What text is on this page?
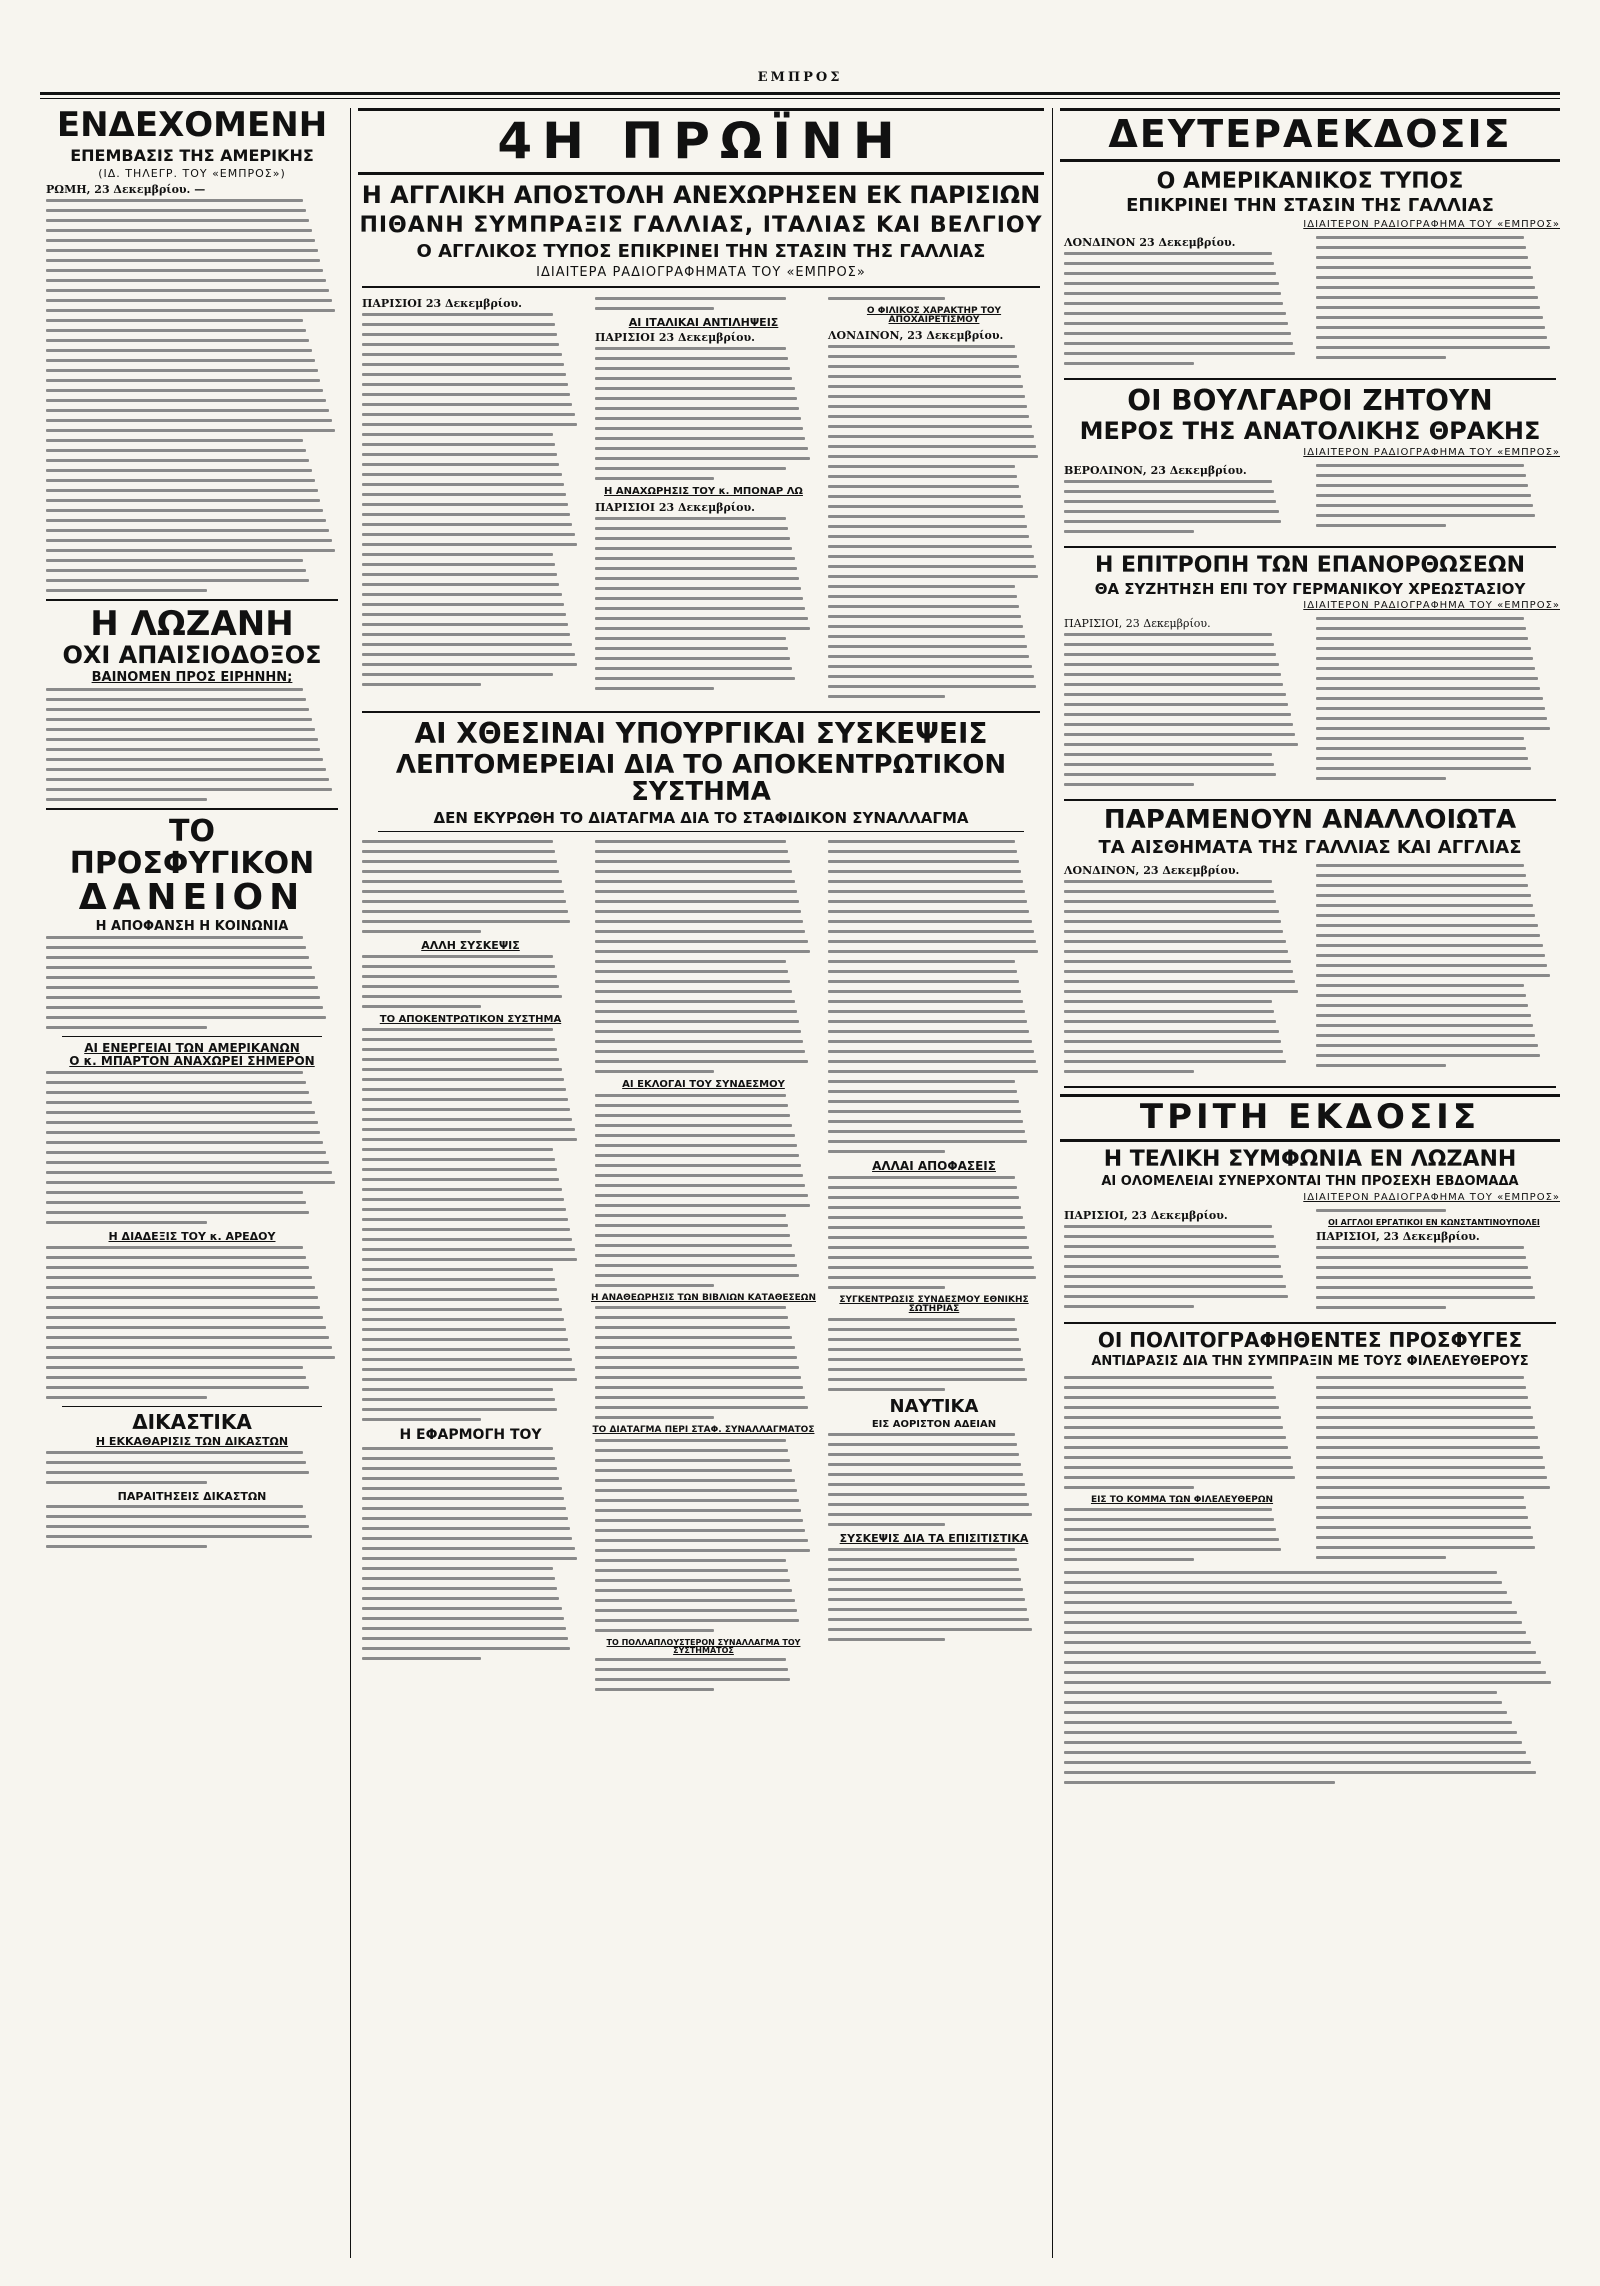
ΕΜΠΡΟΣ
ΕΝΔΕΧΟΜΕΝΗ
ΕΠΕΜΒΑΣΙΣ ΤΗΣ ΑΜΕΡΙΚΗΣ
(ΙΔ. ΤΗΛΕΓΡ. ΤΟΥ «ΕΜΠΡΟΣ»)
ΡΩΜΗ, 23 Δεκεμβρίου. —
Η ΛΩΖΑΝΗ
ΟΧΙ ΑΠΑΙΣΙΟΔΟΞΟΣ
ΒΑΙΝΟΜΕΝ ΠΡΟΣ ΕΙΡΗΝΗΝ;
ΤΟ ΠΡΟΣΦΥΓΙΚΟΝ
ΔΑΝΕΙΟΝ
Η ΑΠΟΦΑΝΣΗ Η ΚΟΙΝΩΝΙΑ
ΑΙ ΕΝΕΡΓΕΙΑΙ ΤΩΝ ΑΜΕΡΙΚΑΝΩΝ
Ο κ. ΜΠΑΡΤΟΝ ΑΝΑΧΩΡΕΙ ΣΗΜΕΡΟΝ
Η ΔΙΑΔΕΞΙΣ ΤΟΥ κ. ΑΡΕΔΟΥ
ΔΙΚΑΣΤΙΚΑ
Η ΕΚΚΑΘΑΡΙΣΙΣ ΤΩΝ ΔΙΚΑΣΤΩΝ
ΠΑΡΑΙΤΗΣΕΙΣ ΔΙΚΑΣΤΩΝ
4Η ΠΡΩΪΝΗ
Η ΑΓΓΛΙΚΗ ΑΠΟΣΤΟΛΗ ΑΝΕΧΩΡΗΣΕΝ ΕΚ ΠΑΡΙΣΙΩΝ
ΠΙΘΑΝΗ ΣΥΜΠΡΑΞΙΣ ΓΑΛΛΙΑΣ, ΙΤΑΛΙΑΣ ΚΑΙ ΒΕΛΓΙΟΥ
Ο ΑΓΓΛΙΚΟΣ ΤΥΠΟΣ ΕΠΙΚΡΙΝΕΙ ΤΗΝ ΣΤΑΣΙΝ ΤΗΣ ΓΑΛΛΙΑΣ
ΙΔΙΑΙΤΕΡΑ ΡΑΔΙΟΓΡΑΦΗΜΑΤΑ ΤΟΥ «ΕΜΠΡΟΣ»
ΠΑΡΙΣΙΟΙ 23 Δεκεμβρίου.
ΑΙ ΙΤΑΛΙΚΑΙ ΑΝΤΙΛΗΨΕΙΣ
ΠΑΡΙΣΙΟΙ 23 Δεκεμβρίου.
Η ΑΝΑΧΩΡΗΣΙΣ ΤΟΥ κ. ΜΠΟΝΑΡ ΛΩ
ΠΑΡΙΣΙΟΙ 23 Δεκεμβρίου.
Ο ΦΙΛΙΚΟΣ ΧΑΡΑΚΤΗΡ ΤΟΥ ΑΠΟΧΑΙΡΕΤΙΣΜΟΥ
ΛΟΝΔΙΝΟΝ, 23 Δεκεμβρίου.
ΑΙ ΧΘΕΣΙΝΑΙ ΥΠΟΥΡΓΙΚΑΙ ΣΥΣΚΕΨΕΙΣ
ΛΕΠΤΟΜΕΡΕΙΑΙ ΔΙΑ ΤΟ ΑΠΟΚΕΝΤΡΩΤΙΚΟΝ ΣΥΣΤΗΜΑ
ΔΕΝ ΕΚΥΡΩΘΗ ΤΟ ΔΙΑΤΑΓΜΑ ΔΙΑ ΤΟ ΣΤΑΦΙΔΙΚΟΝ ΣΥΝΑΛΛΑΓΜΑ
ΑΛΛΗ ΣΥΣΚΕΨΙΣ
ΤΟ ΑΠΟΚΕΝΤΡΩΤΙΚΟΝ ΣΥΣΤΗΜΑ
Η ΕΦΑΡΜΟΓΗ ΤΟΥ
ΑΙ ΕΚΛΟΓΑΙ ΤΟΥ ΣΥΝΔΕΣΜΟΥ
Η ΑΝΑΘΕΩΡΗΣΙΣ ΤΩΝ ΒΙΒΛΙΩΝ ΚΑΤΑΘΕΣΕΩΝ
ΤΟ ΔΙΑΤΑΓΜΑ ΠΕΡΙ ΣΤΑΦ. ΣΥΝΑΛΛΑΓΜΑΤΟΣ
ΤΟ ΠΟΛΛΑΠΛΟΥΣΤΕΡΟΝ ΣΥΝΑΛΛΑΓΜΑ ΤΟΥ ΣΥΣΤΗΜΑΤΟΣ
ΑΛΛΑΙ ΑΠΟΦΑΣΕΙΣ
ΣΥΓΚΕΝΤΡΩΣΙΣ ΣΥΝΔΕΣΜΟΥ ΕΘΝΙΚΗΣ ΣΩΤΗΡΙΑΣ
ΝΑΥΤΙΚΑ
ΕΙΣ ΑΟΡΙΣΤΟΝ ΑΔΕΙΑΝ
ΣΥΣΚΕΨΙΣ ΔΙΑ ΤΑ ΕΠΙΣΙΤΙΣΤΙΚΑ
ΔΕΥΤΕΡΑΕΚΔΟΣΙΣ
Ο ΑΜΕΡΙΚΑΝΙΚΟΣ ΤΥΠΟΣ
ΕΠΙΚΡΙΝΕΙ ΤΗΝ ΣΤΑΣΙΝ ΤΗΣ ΓΑΛΛΙΑΣ
ΙΔΙΑΙΤΕΡΟΝ ΡΑΔΙΟΓΡΑΦΗΜΑ ΤΟΥ «ΕΜΠΡΟΣ»
ΛΟΝΔΙΝΟΝ 23 Δεκεμβρίου.
ΟΙ ΒΟΥΛΓΑΡΟΙ ΖΗΤΟΥΝ
ΜΕΡΟΣ ΤΗΣ ΑΝΑΤΟΛΙΚΗΣ ΘΡΑΚΗΣ
ΙΔΙΑΙΤΕΡΟΝ ΡΑΔΙΟΓΡΑΦΗΜΑ ΤΟΥ «ΕΜΠΡΟΣ»
ΒΕΡΟΛΙΝΟΝ, 23 Δεκεμβρίου.
Η ΕΠΙΤΡΟΠΗ ΤΩΝ ΕΠΑΝΟΡΘΩΣΕΩΝ
ΘΑ ΣΥΖΗΤΗΣΗ ΕΠΙ ΤΟΥ ΓΕΡΜΑΝΙΚΟΥ ΧΡΕΩΣΤΑΣΙΟΥ
ΙΔΙΑΙΤΕΡΟΝ ΡΑΔΙΟΓΡΑΦΗΜΑ ΤΟΥ «ΕΜΠΡΟΣ»
ΠΑΡΙΣΙΟΙ, 23 Δεκεμβρίου.
ΠΑΡΑΜΕΝΟΥΝ ΑΝΑΛΛΟΙΩΤΑ
ΤΑ ΑΙΣΘΗΜΑΤΑ ΤΗΣ ΓΑΛΛΙΑΣ ΚΑΙ ΑΓΓΛΙΑΣ
ΛΟΝΔΙΝΟΝ, 23 Δεκεμβρίου.
ΤΡΙΤΗ ΕΚΔΟΣΙΣ
Η ΤΕΛΙΚΗ ΣΥΜΦΩΝΙΑ ΕΝ ΛΩΖΑΝΗ
ΑΙ ΟΛΟΜΕΛΕΙΑΙ ΣΥΝΕΡΧΟΝΤΑΙ ΤΗΝ ΠΡΟΣΕΧΗ ΕΒΔΟΜΑΔΑ
ΙΔΙΑΙΤΕΡΟΝ ΡΑΔΙΟΓΡΑΦΗΜΑ ΤΟΥ «ΕΜΠΡΟΣ»
ΠΑΡΙΣΙΟΙ, 23 Δεκεμβρίου.
ΟΙ ΑΓΓΛΟΙ ΕΡΓΑΤΙΚΟΙ ΕΝ ΚΩΝΣΤΑΝΤΙΝΟΥΠΟΛΕΙ
ΠΑΡΙΣΙΟΙ, 23 Δεκεμβρίου.
ΟΙ ΠΟΛΙΤΟΓΡΑΦΗΘΕΝΤΕΣ ΠΡΟΣΦΥΓΕΣ
ΑΝΤΙΔΡΑΣΙΣ ΔΙΑ ΤΗΝ ΣΥΜΠΡΑΞΙΝ ΜΕ ΤΟΥΣ ΦΙΛΕΛΕΥΘΕΡΟΥΣ
ΕΙΣ ΤΟ ΚΟΜΜΑ ΤΩΝ ΦΙΛΕΛΕΥΘΕΡΩΝ
